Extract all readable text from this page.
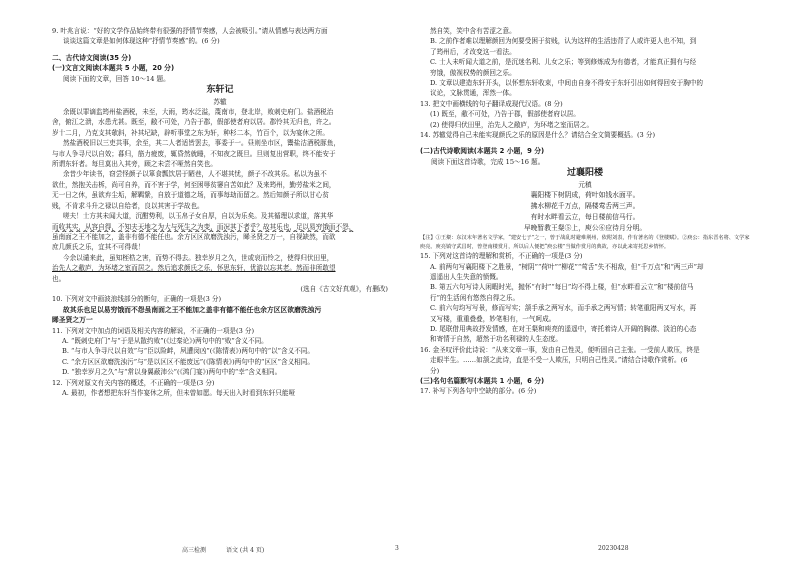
9. 叶兆言说：“好的文学作品始终带有很强的抒情节奏感，人会被吸引。”请从情感与表达两方面

谈谈这篇文章是如何体现这种“抒情节奏感”的。(6 分)

二、古代诗文阅读(35 分)

(一)文言文阅读(本题共 5 小题，20 分)

阅读下面的文章，回答 10～14 题。

东轩记

苏辙

余既以罪谪监筠州盐酒税，未至，大雨，筠水泛溢，蔑南市，登北岸，败刺史府门。盐酒税治

舍，俯江之溃，水患尤甚。既至，敝不可处，乃告于郡，假部使者府以居。郡怜其无归也，许之。

岁十二月，乃克支其欹斜，补其圮缺，辟听事堂之东为轩，种杉二本，竹百个，以为宴休之所。

然盐酒税旧以三吏共事，余至，其二人者适皆罢去，事委于一。昼则坐市区，鬻盐沽酒税豚鱼，

与市人争寻尺以自效；暮归，筋力疲废，辄昏然就睡，不知夜之既旦。旦则复出营职，终不能安于

所谓东轩者。每旦莫出入其旁，顾之未尝不哑然自笑也。

余昔少年读书，窃尝怪颜子以箪食瓢饮居于陋巷，人不堪其忧，颜子不改其乐。私以为虽不

欲仕，然抱关击柝，尚可自养，而不害于学，何至困辱贫窭自苦如此？及来筠州，勤劳盐米之间，

无一日之休，虽欲弃尘垢，解羁絷，自放于道德之场，而事每劫而留之。然后知颜子所以甘心贫

贱，不肯求斗升之禄以自给者，良以其害于学故也。

嗟夫！士方其未闻大道，沉酣势利，以玉帛子女自厚，自以为乐矣。及其循理以求道，落其华

而收其实，从容自得，不知夫天地之为大与死生之为变，而况其下者乎？故其乐也，足以易穷饿而不怨，

虽南面之王不能加之，盖非有德不能任也。余方区区欲磨洗浊污，睎圣贤之万一，自视缺然，而欲

庶几颜氏之乐，宜其不可得哉！

今余以谴来此，虽知桎梏之害，而势不得去。独幸岁月之久，世或哀而怜之，使得归伏田里，

治先人之敝庐，为环堵之室而居之。然后追求颜氏之乐，怀思东轩，优游以忘其老。然而非所敢望

也。

(选自《古文好真观》，有删改)

10. 下列对文中画波浪线部分的断句，正确的一项是(3 分)

故其乐也足以易穷饿而不怨虽南面之王不能加之盖非有德不能任也余方区区欲磨洗浊污

睎圣贤之万一

11. 下列对文中加点的词语及相关内容的解说，不正确的一项是(3 分)

A. “既刺史府门”与“于是从散约败”(《过秦论》)两句中的“败”含义不同。

B. “与市人争寻尺以自效”与“臣以险衅，夙遭闵凶”(《陈情表》)两句中的“以”含义不同。

C. “余方区区欲磨洗浊污”与“是以区区不能废远”(《陈情表》)两句中的“区区”含义相同。

D. “独幸岁月之久”与“常以身翼蔽沛公”(《鸿门宴》)两句中的“幸”含义相同。

12. 下列对原文有关内容的概述，不正确的一项是(3 分)

A. 最初，作者想把东轩当作宴休之所，但未曾如愿。每天出入时看到东轩只能哑

然自笑，笑中含有苦涩之意。

B. 之前作者难以理解颜回为何要受困于贫贱，认为这样的生活违背了人或许更人也不知，到

了筠州后，才改变这一看法。

C. 士人未听闻大道之前，是沉迷名利、儿女之乐；等到修炼成为有德者，才能真正拥有与经

穷饿，傲视权势的颜回之乐。

D. 文章以建造东轩开头，以怀想东轩收束，中间由自身不得安于东轩引出如何得回安于胸中的

议论，文脉贯通，浑然一体。

13. 把文中画横线的句子翻译成现代汉语。(8 分)

(1) 既至，敝不可处，乃告于郡，假部使者府以居。

(2) 使得归伏田里，治先人之敝庐，为环堵之室而居之。

14. 苏辙觉得自己未能实现颜氏之乐的原因是什么？请结合全文简要概括。(3 分)

(二)古代诗歌阅读(本题共 2 小题，9 分)

阅读下面这首诗歌，完成 15～16 题。

过襄阳楼

元稹

襄阳楼下树阴成，荷叶如钱水面平。

拂水柳花千万点，隔楼莺舌两三声。

有时水畔看云立，每日楼前信马行。

早晚暂教王粲⑤上，庾公⑥应待月分明。

【注】①王粲：东汉末年著名文学家，“建安七子”之一，曾于战乱时避难荆州，依附刘表，作有著名的《登楼赋》。②庾公：指东晋名将、文学家庾亮。庾亮镇守武昌时，曾登南楼赏月，所以后人便把“庾公楼”当做作赏月的典故，亦以此来寄托思乡情怀。

15. 下列对这首诗的理解和赏析，不正确的一项是(3 分)

A. 前两句写襄阳楼下之胜景，“树阴”“荷叶”“柳花”“莺舌”失不相敌，但“千万点”和“两三声”却

遥遥出人生失意的愤慨。

B. 第五六句写诗人闲暇时光，抛怀“有时”“每日”均不得上楼，但“水畔看云立”和“楼前信马

行”的生活闲有悠然自得之乐。

C. 前六句均写写景，修而写实；颔手承之两写水，而手承之两写情；转笔重阳两又写水，再

又写楼，重重叠叠，妙笔相有，一气呵成。

D. 尾联借用典故抒发情感，在对王粲和庾亮的遥遥中，寄托着诗人开阔的胸襟、淡泊的心态

和寄情于自然，超然于功名利禄的人生态度。

16. 金圣叹评价此诗说：“从来文章一事，发由自己性灵，便听固自己主张。一受前人欺压，终是

走眼半生。……如颔之此诗，直是不受一人欺压，只明自己性灵。”请结合诗歌作赏析。(6

分)

(三)名句名篇默写(本题共 1 小题，6 分)

17. 补写下列各句中空缺的部分。(6 分)

高三检测	语文 (共 4 页)	3	20230428
